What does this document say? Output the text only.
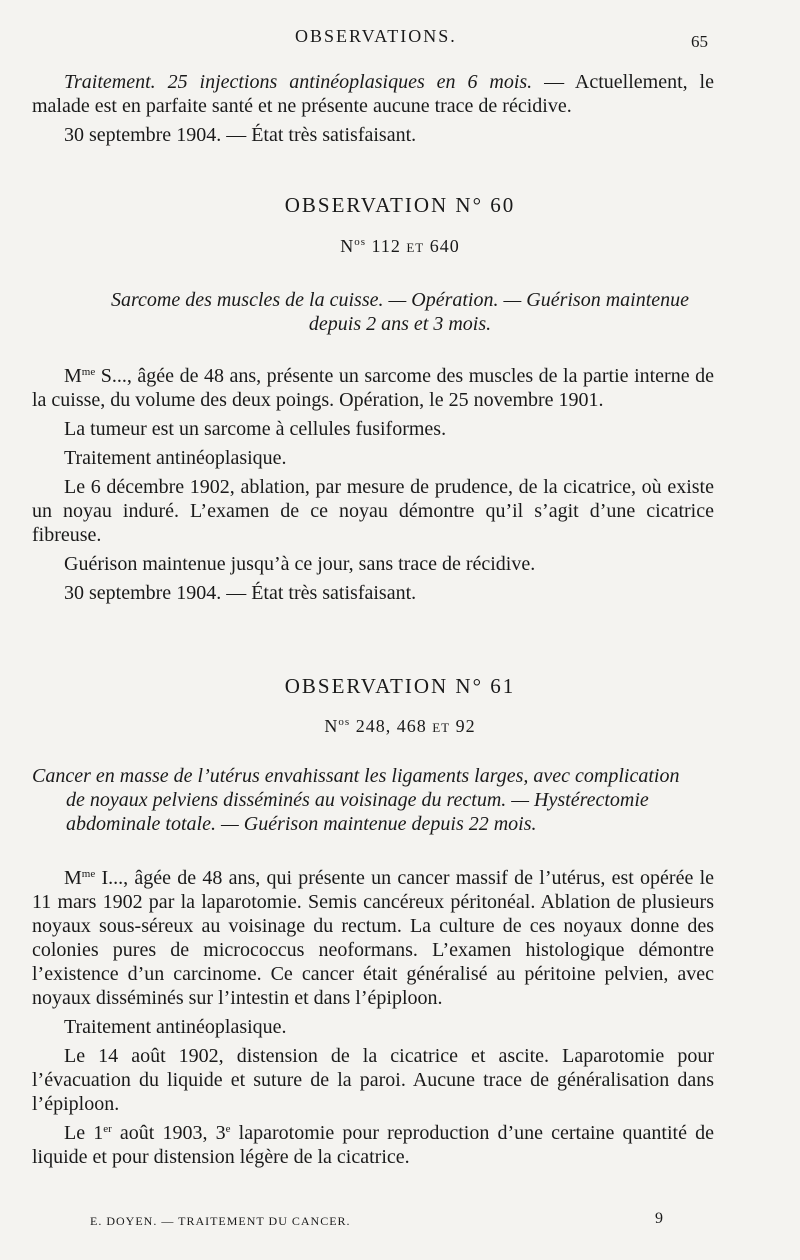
OBSERVATIONS.	65

Traitement. 25 injections antinéoplasiques en 6 mois. — Actuellement, le malade est en parfaite santé et ne présente aucune trace de récidive.

30 septembre 1904. — État très satisfaisant.

OBSERVATION N° 60
$N^{os}$ 112 ET 640
Sarcome des muscles de la cuisse. — Opération. — Guérison maintenue
depuis 2 ans et 3 mois.

$M^{me}$ S..., âgée de 48 ans, présente un sarcome des muscles de la partie interne de la cuisse, du volume des deux poings. Opération, le 25 novembre 1901.

La tumeur est un sarcome à cellules fusiformes.

Traitement antinéoplasique.

Le 6 décembre 1902, ablation, par mesure de prudence, de la cicatrice, où existe un noyau induré. L’examen de ce noyau démontre qu’il s’agit d’une cicatrice fibreuse.

Guérison maintenue jusqu’à ce jour, sans trace de récidive.

30 septembre 1904. — État très satisfaisant.

OBSERVATION N° 61
$N^{os}$ 248, 468 ET 92
Cancer en masse de l’utérus envahissant les ligaments larges, avec complication
de noyaux pelviens disséminés au voisinage du rectum. — Hystérectomie
abdominale totale. — Guérison maintenue depuis 22 mois.

$M^{me}$ I..., âgée de 48 ans, qui présente un cancer massif de l’utérus, est opérée le 11 mars 1902 par la laparotomie. Semis cancéreux péritonéal. Ablation de plusieurs noyaux sous-séreux au voisinage du rectum. La culture de ces noyaux donne des colonies pures de micrococcus neoformans. L’examen histologique démontre l’existence d’un carcinome. Ce cancer était généralisé au péritoine pelvien, avec noyaux disséminés sur l’intestin et dans l’épiploon.

Traitement antinéoplasique.

Le 14 août 1902, distension de la cicatrice et ascite. Laparotomie pour l’évacuation du liquide et suture de la paroi. Aucune trace de généralisation dans l’épiploon.

Le 1er août 1903, 3e laparotomie pour reproduction d’une certaine quantité de liquide et pour distension légère de la cicatrice.

E. DOYEN. — TRAITEMENT DU CANCER.	9
